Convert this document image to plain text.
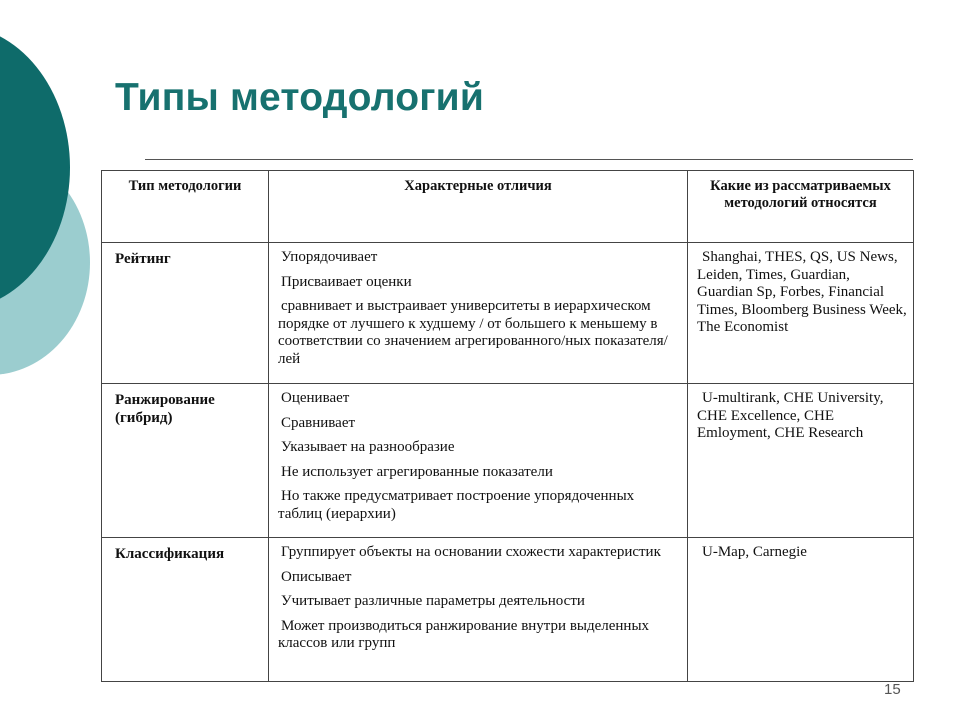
Типы методологий
Тип методологии	Характерные отличия	Какие из рассматриваемых методологий относятся
Рейтинг	Упорядочивает
Присваивает оценки
сравнивает и выстраивает университеты в иерархическом порядке от лучшего к худшему / от большего к меньшему в соответствии со значением агрегированного/ных показателя/лей	Shanghai, THES, QS, US News, Leiden, Times, Guardian, Guardian Sp, Forbes, Financial Times, Bloomberg Business Week, The Economist

Ранжирование (гибрид)	Оценивает
Сравнивает
Указывает на разнообразие
Не использует агрегированные показатели
Но также предусматривает построение упорядоченных таблиц (иерархии)	U-multirank, CHE University, CHE Excellence, CHE Emloyment, CHE Research

Классификация	Группирует объекты на основании схожести характеристик
Описывает
Учитывает различные параметры деятельности
Может производиться ранжирование внутри выделенных классов или групп	U-Map, Carnegie
15
